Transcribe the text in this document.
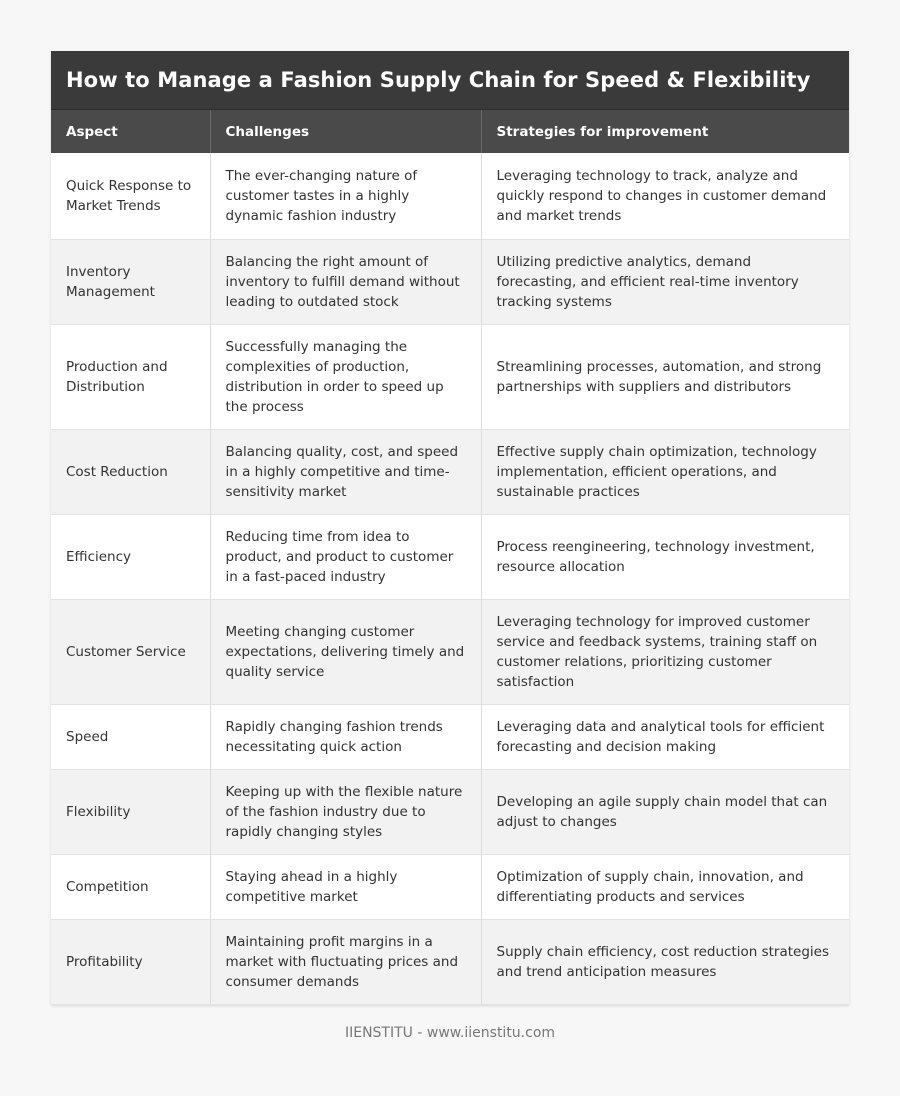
How to Manage a Fashion Supply Chain for Speed & Flexibility
Aspect	Challenges	Strategies for improvement
Quick Response to Market Trends	The ever-changing nature of customer tastes in a highly dynamic fashion industry	Leveraging technology to track, analyze and quickly respond to changes in customer demand and market trends
Inventory Management	Balancing the right amount of inventory to fulfill demand without leading to outdated stock	Utilizing predictive analytics, demand forecasting, and efficient real-time inventory tracking systems
Production and Distribution	Successfully managing the complexities of production, distribution in order to speed up the process	Streamlining processes, automation, and strong partnerships with suppliers and distributors
Cost Reduction	Balancing quality, cost, and speed in a highly competitive and time-sensitivity market	Effective supply chain optimization, technology implementation, efficient operations, and sustainable practices
Efficiency	Reducing time from idea to product, and product to customer in a fast-paced industry	Process reengineering, technology investment, resource allocation
Customer Service	Meeting changing customer expectations, delivering timely and quality service	Leveraging technology for improved customer service and feedback systems, training staff on customer relations, prioritizing customer satisfaction
Speed	Rapidly changing fashion trends necessitating quick action	Leveraging data and analytical tools for efficient forecasting and decision making
Flexibility	Keeping up with the flexible nature of the fashion industry due to rapidly changing styles	Developing an agile supply chain model that can adjust to changes
Competition	Staying ahead in a highly competitive market	Optimization of supply chain, innovation, and differentiating products and services
Profitability	Maintaining profit margins in a market with fluctuating prices and consumer demands	Supply chain efficiency, cost reduction strategies and trend anticipation measures
IIENSTITU - www.iienstitu.com
